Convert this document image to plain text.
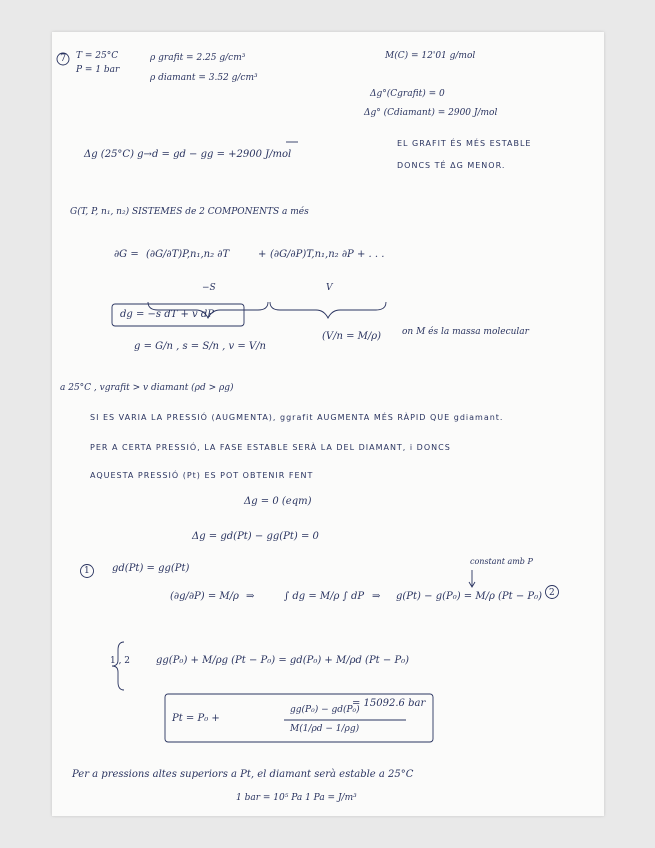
7 T = 25°C
P = 1 bar
ρ grafit = 2.25 g/cm³
ρ diamant = 3.52 g/cm³
M(C) = 12'01 g/mol
Δg°(Cgrafit) = 0
Δg° (Cdiamant) = 2900 J/mol
Δg (25°C) g→d = gd − gg = +2900 J/mol
EL GRAFIT ÉS MÉS ESTABLE
DONCS TÉ ΔG MENOR.
G(T, P, n₁, n₂) SISTEMES de 2 COMPONENTS a més
∂G = (∂G/∂T)P,n₁,n₂ ∂T	+ (∂G/∂P)T,n₁,n₂ ∂P + . . .
−S	V
dg = −s dT + v dP
g = G/n , s = S/n , v = V/n
(V/n = M/ρ) on M és la massa molecular
a 25°C , vgrafit > v diamant (ρd > ρg)
SI ES VARIA LA PRESSIÓ (AUGMENTA), ggrafit AUGMENTA MÉS RÀPID QUE gdiamant.
PER A CERTA PRESSIÓ, LA FASE ESTABLE SERÀ LA DEL DIAMANT, i DONCS
AQUESTA PRESSIÓ (Pt) ES POT OBTENIR FENT
Δg = 0 (eqm)
Δg = gd(Pt) − gg(Pt) = 0
1 gd(Pt) = gg(Pt)
(∂g/∂P) = M/ρ ⇒	∫ dg = M/ρ ∫ dP ⇒ g(Pt) − g(P₀) = M/ρ (Pt − P₀) 2
constant amb P
1 , 2	gg(P₀) + M/ρg (Pt − P₀) = gd(P₀) + M/ρd (Pt − P₀)
Pt = P₀ +
gg(P₀) − gd(P₀)
M(1/ρd − 1/ρg)
= 15092.6 bar
Per a pressions altes superiors a Pt, el diamant serà estable a 25°C
1 bar = 10⁵ Pa 1 Pa = J/m³
